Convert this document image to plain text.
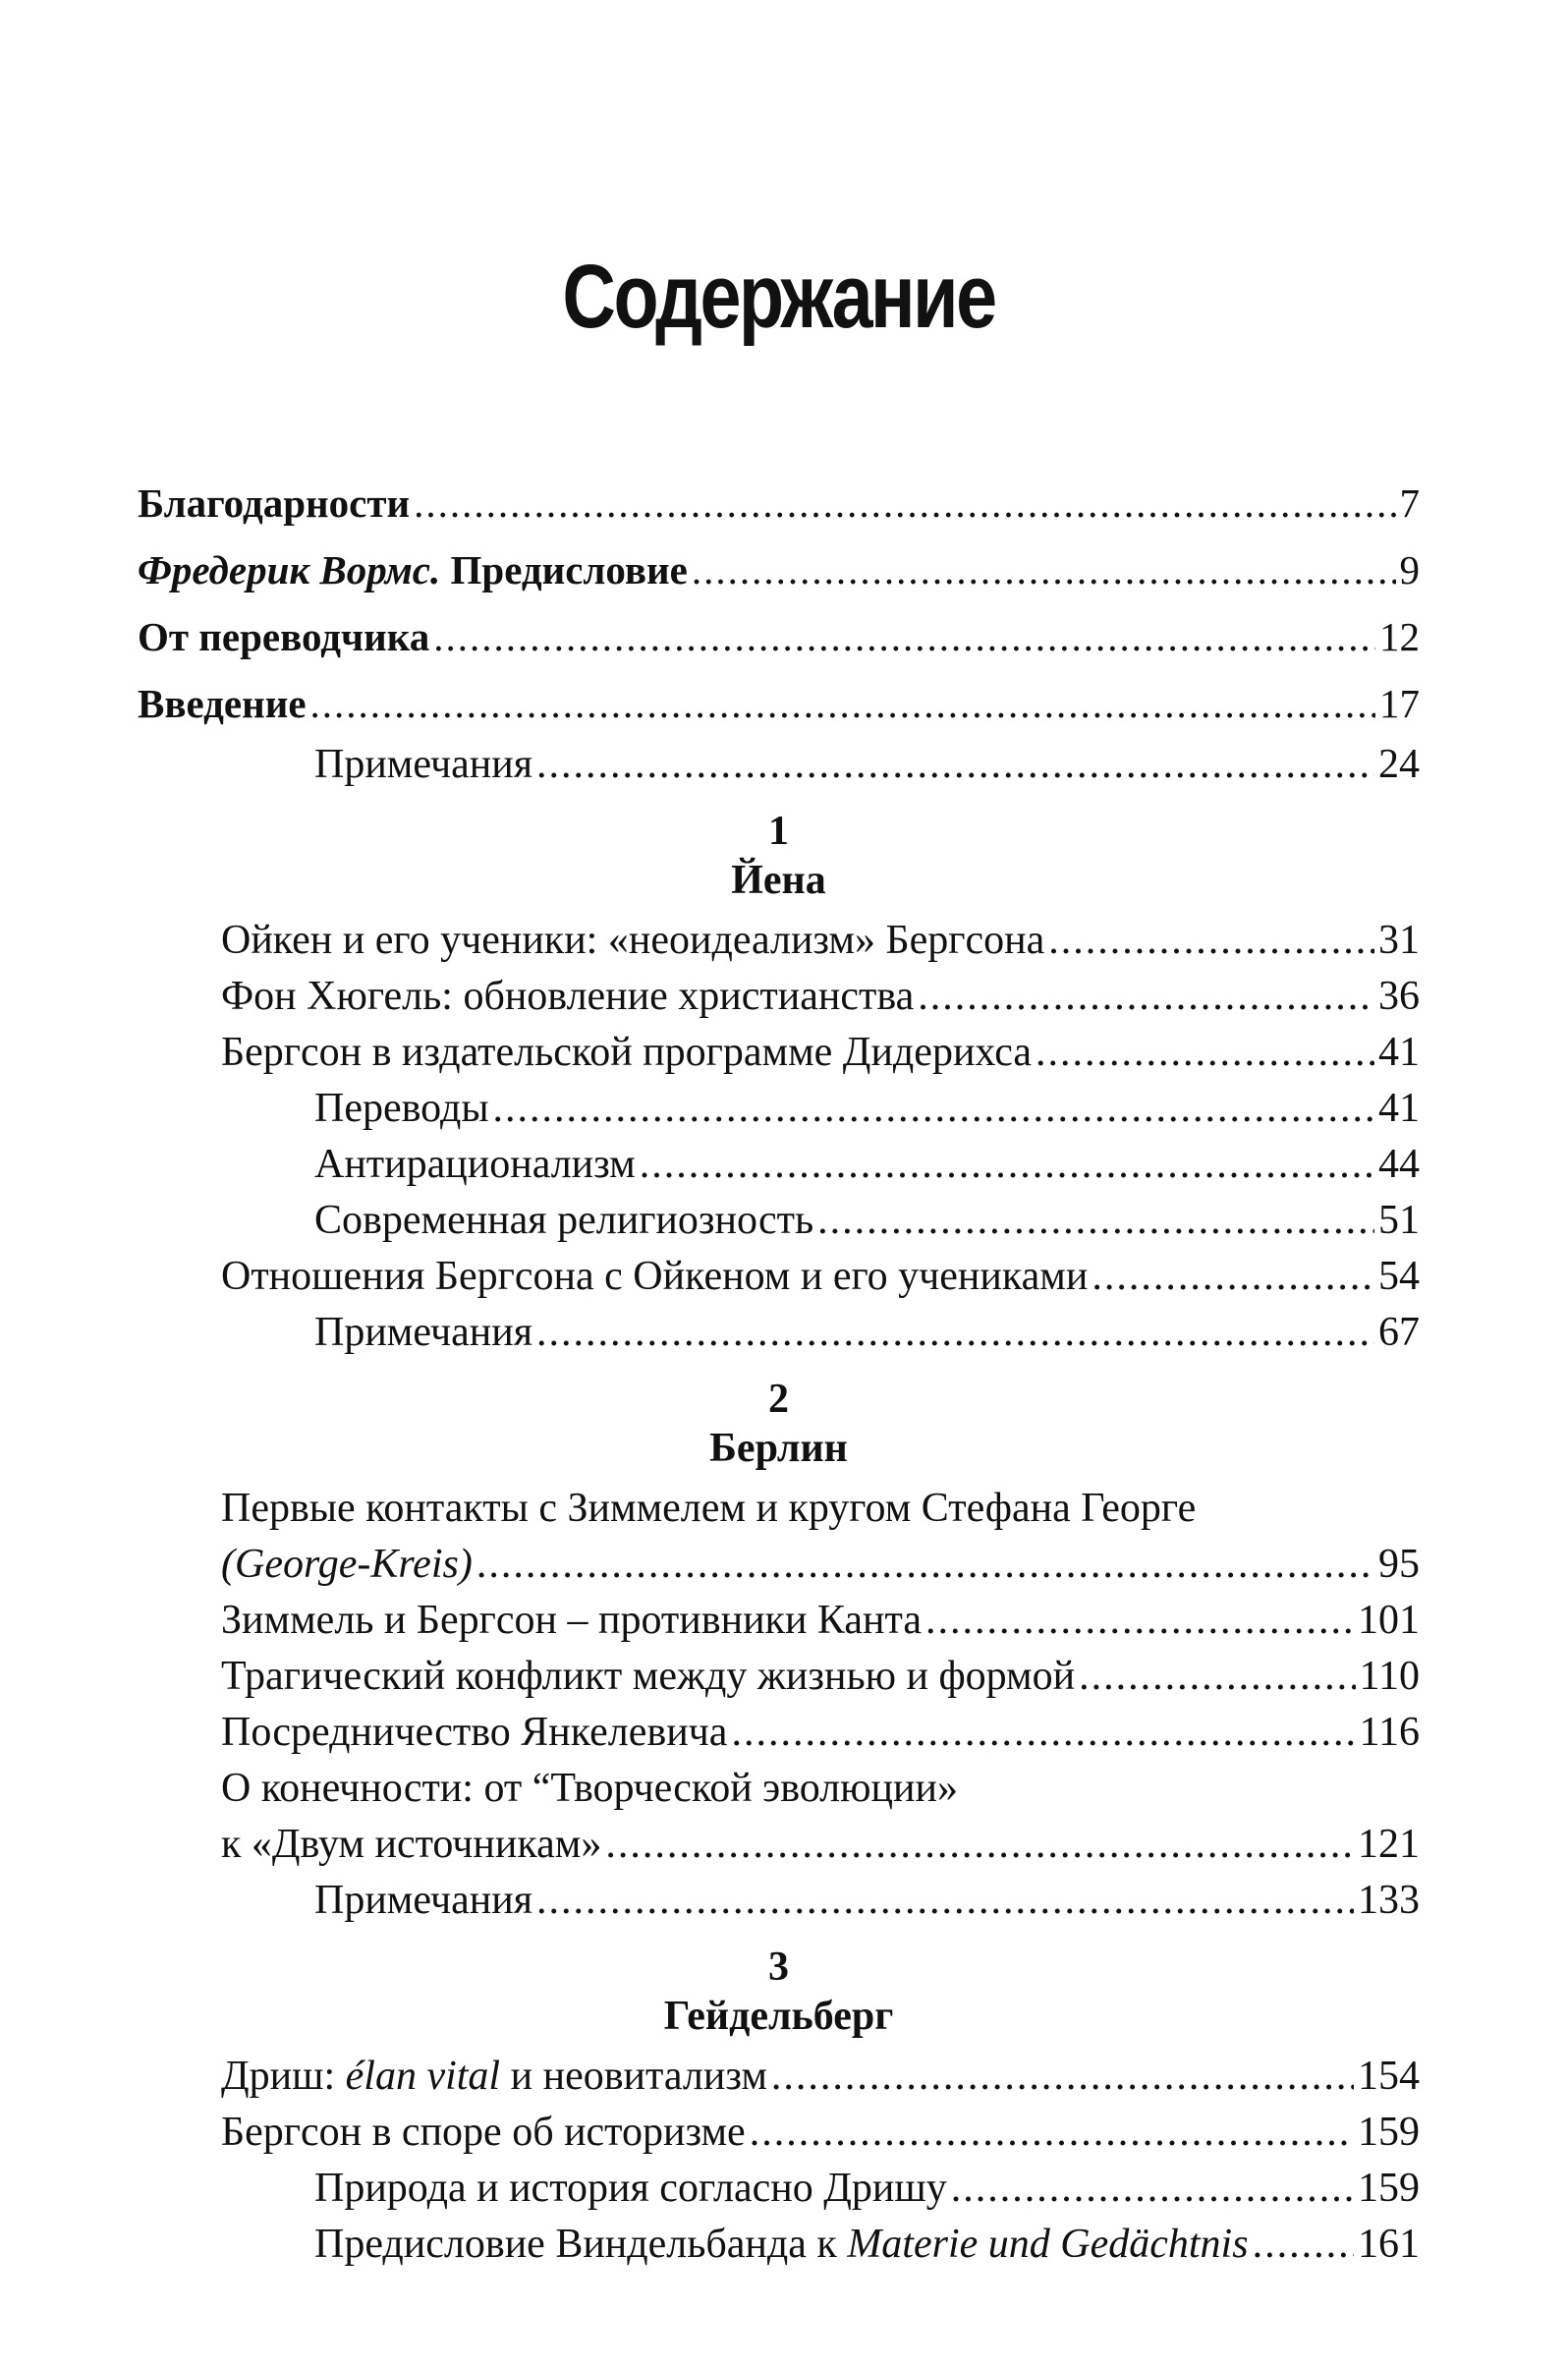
Содержание
Благодарности .....	7
Фредерик Вормс. Предисловие .....	9
От переводчика .....	12
Введение .....	17
Примечания .....	24
1
Йена
Ойкен и его ученики: «неоидеализм» Бергсона .....	31
Фон Хюгель: обновление христианства .....	36
Бергсон в издательской программе Дидерихса .....	41
Переводы .....	41
Антирационализм .....	44
Современная религиозность .....	51
Отношения Бергсона с Ойкеном и его учениками .....	54
Примечания .....	67
2
Берлин
Первые контакты с Зиммелем и кругом Стефана Георге
(George-Kreis) .....	95
Зиммель и Бергсон – противники Канта .....	101
Трагический конфликт между жизнью и формой .....	110
Посредничество Янкелевича .....	116
О конечности: от “Творческой эволюции»
к «Двум источникам» .....	121
Примечания .....	133
3
Гейдельберг
Дриш: élan vital и неовитализм .....	154
Бергсон в споре об историзме .....	159
Природа и история согласно Дришу .....	159
Предисловие Виндельбанда к Materie und Gedächtnis .....	161
